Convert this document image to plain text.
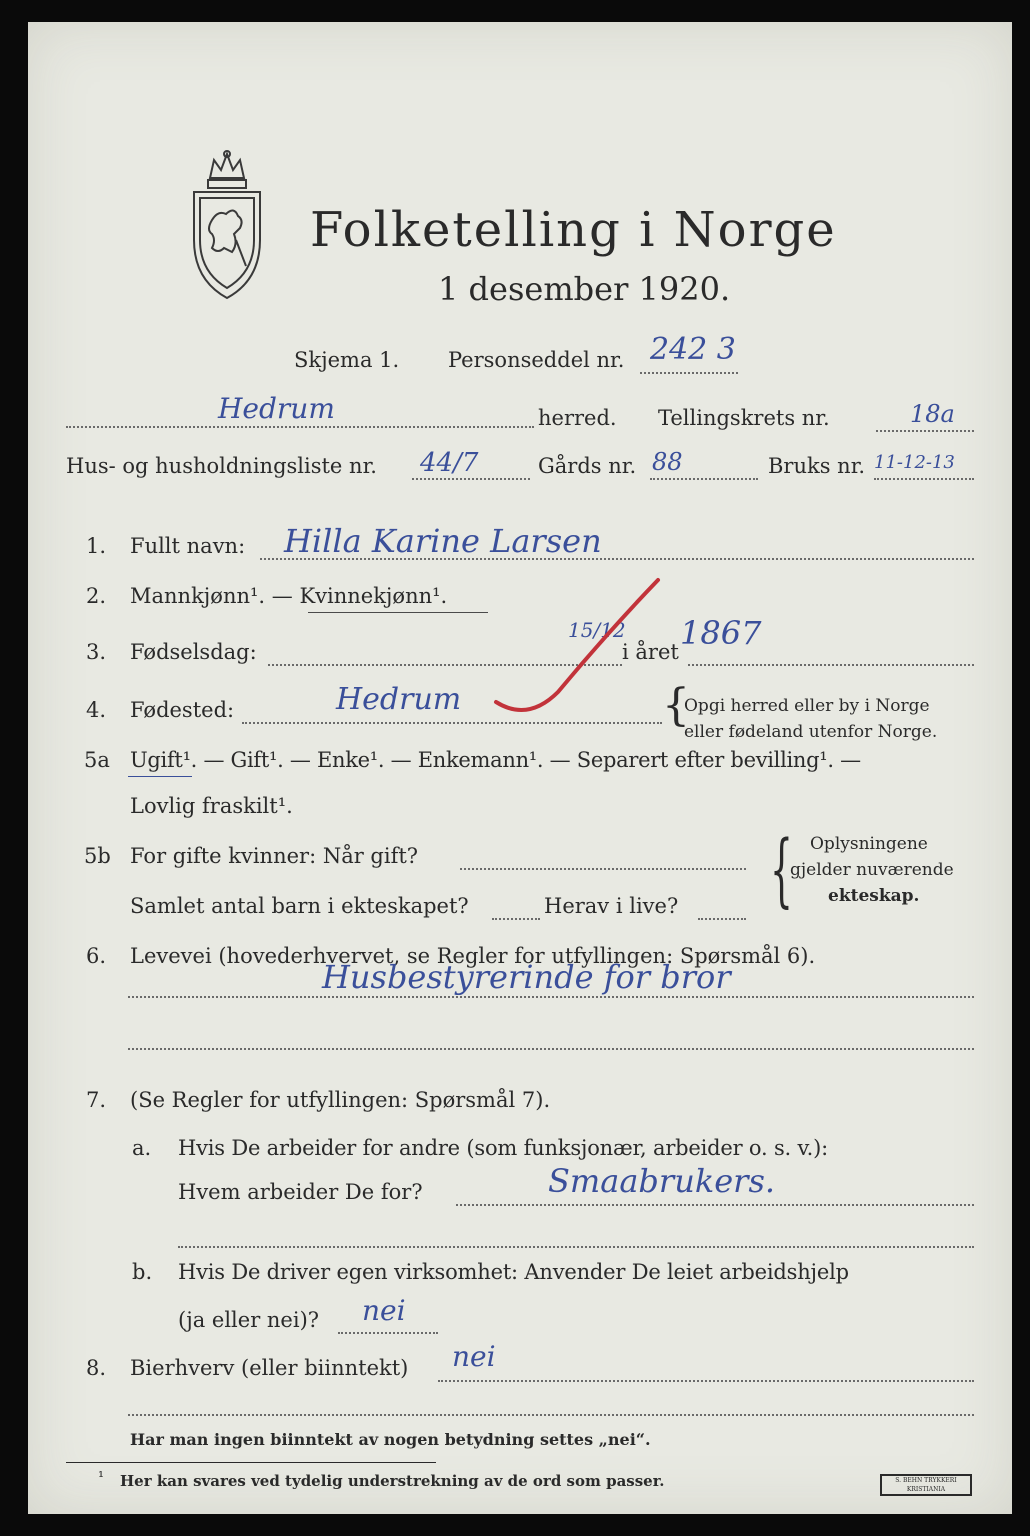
Folketelling i Norge
1 desember 1920.
Skjema 1. Personseddel nr. 242 3
Hedrum	herred. Tellingskrets nr.	18a
Hus- og husholdningsliste nr. 44/7	Gårds nr. 88	Bruks nr. 11-12-13
1. Fullt navn: Hilla Karine Larsen
2. Mannkjønn¹. — Kvinnekjønn¹.
3. Fødselsdag:
15/12
i året 1867
4. Fødested:	Hedrum	{
Opgi herred eller by i Norge
eller fødeland utenfor Norge.
5a Ugift¹. — Gift¹. — Enke¹. — Enkemann¹. — Separert efter bevilling¹. —
Lovlig fraskilt¹.
5b For gifte kvinner: Når gift?
Samlet antal barn i ekteskapet?	Herav i live? { Oplysningene
gjelder nuværende
ekteskap.
6. Levevei (hovederhvervet, se Regler for utfyllingen: Spørsmål 6).
Husbestyrerinde for bror
7. (Se Regler for utfyllingen: Spørsmål 7).
a. Hvis De arbeider for andre (som funksjonær, arbeider o. s. v.):
Hvem arbeider De for?	Smaabrukers.
b. Hvis De driver egen virksomhet: Anvender De leiet arbeidshjelp
(ja eller nei)? nei
8. Bierhverv (eller biinntekt) nei
Har man ingen biinntekt av nogen betydning settes „nei“.
¹ Her kan svares ved tydelig understrekning av de ord som passer.	S. BEHN TRYKKERI KRISTIANIA
